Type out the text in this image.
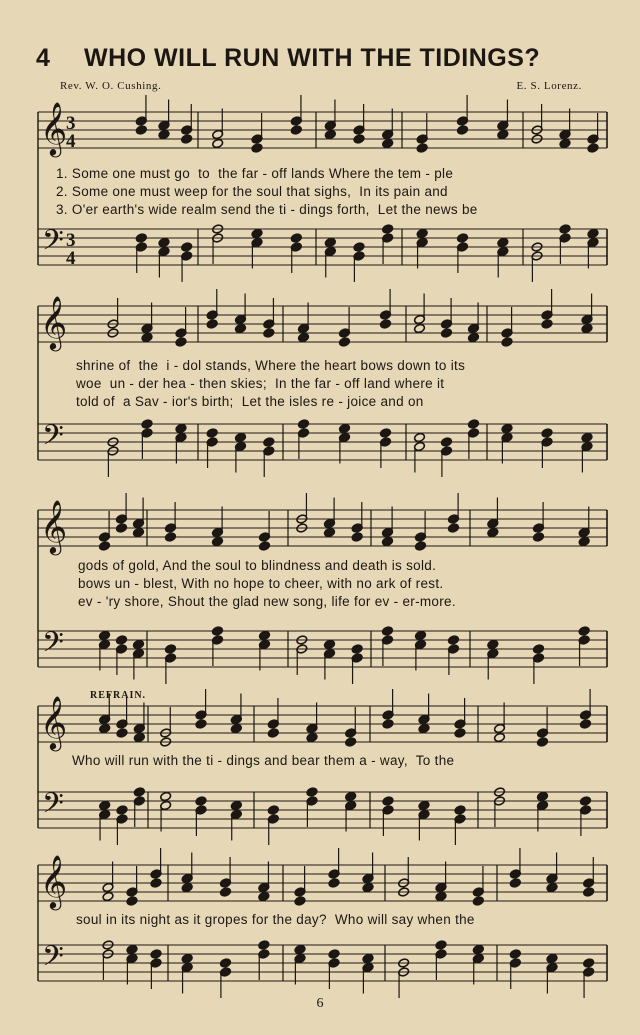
4 WHO WILL RUN WITH THE TIDINGS?
Rev. W. O. Cushing.	E. S. Lorenz.
𝄞
𝄢
3
4
3
4
𝄞
𝄢
𝄞
𝄢
𝄞
𝄢
𝄞
𝄢
REFRAIN.

1. Some one must go  to  the far - off lands Where the tem - ple

2. Some one must weep for the soul that sighs,  In its pain and

3. O'er earth's wide realm send the ti - dings forth,  Let the news be

shrine of  the  i - dol stands, Where the heart bows down to its

woe  un - der hea - then skies;  In the far - off land where it

told of  a Sav - ior's birth;  Let the isles re - joice and on

gods of gold, And the soul to blindness and death is sold.

bows un - blest, With no hope to cheer, with no ark of rest.

ev - 'ry shore, Shout the glad new song, life for ev - er-more.

Who will run with the ti - dings and bear them a - way,  To the

soul in its night as it gropes for the day?  Who will say when the

6
